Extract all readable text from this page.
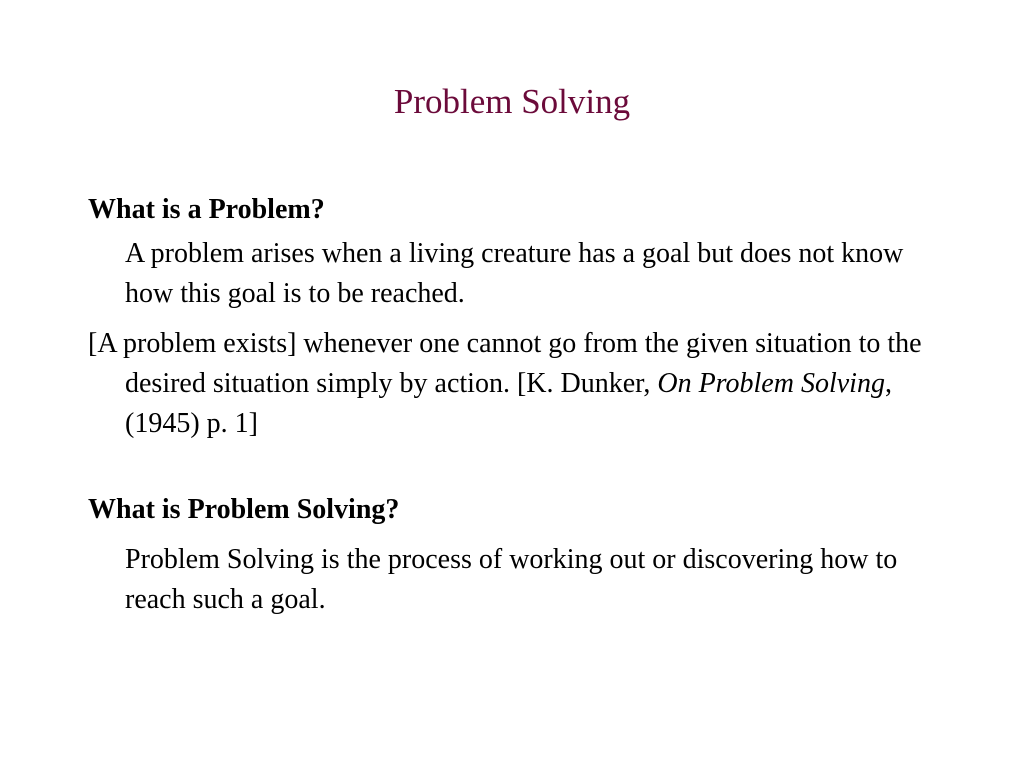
Problem Solving

What is a Problem?

A problem arises when a living creature has a goal but does not know how this goal is to be reached.

[A problem exists] whenever one cannot go from the given situation to the desired situation simply by action. [K. Dunker, On Problem Solving, (1945) p. 1]

What is Problem Solving?

Problem Solving is the process of working out or discovering how to reach such a goal.
